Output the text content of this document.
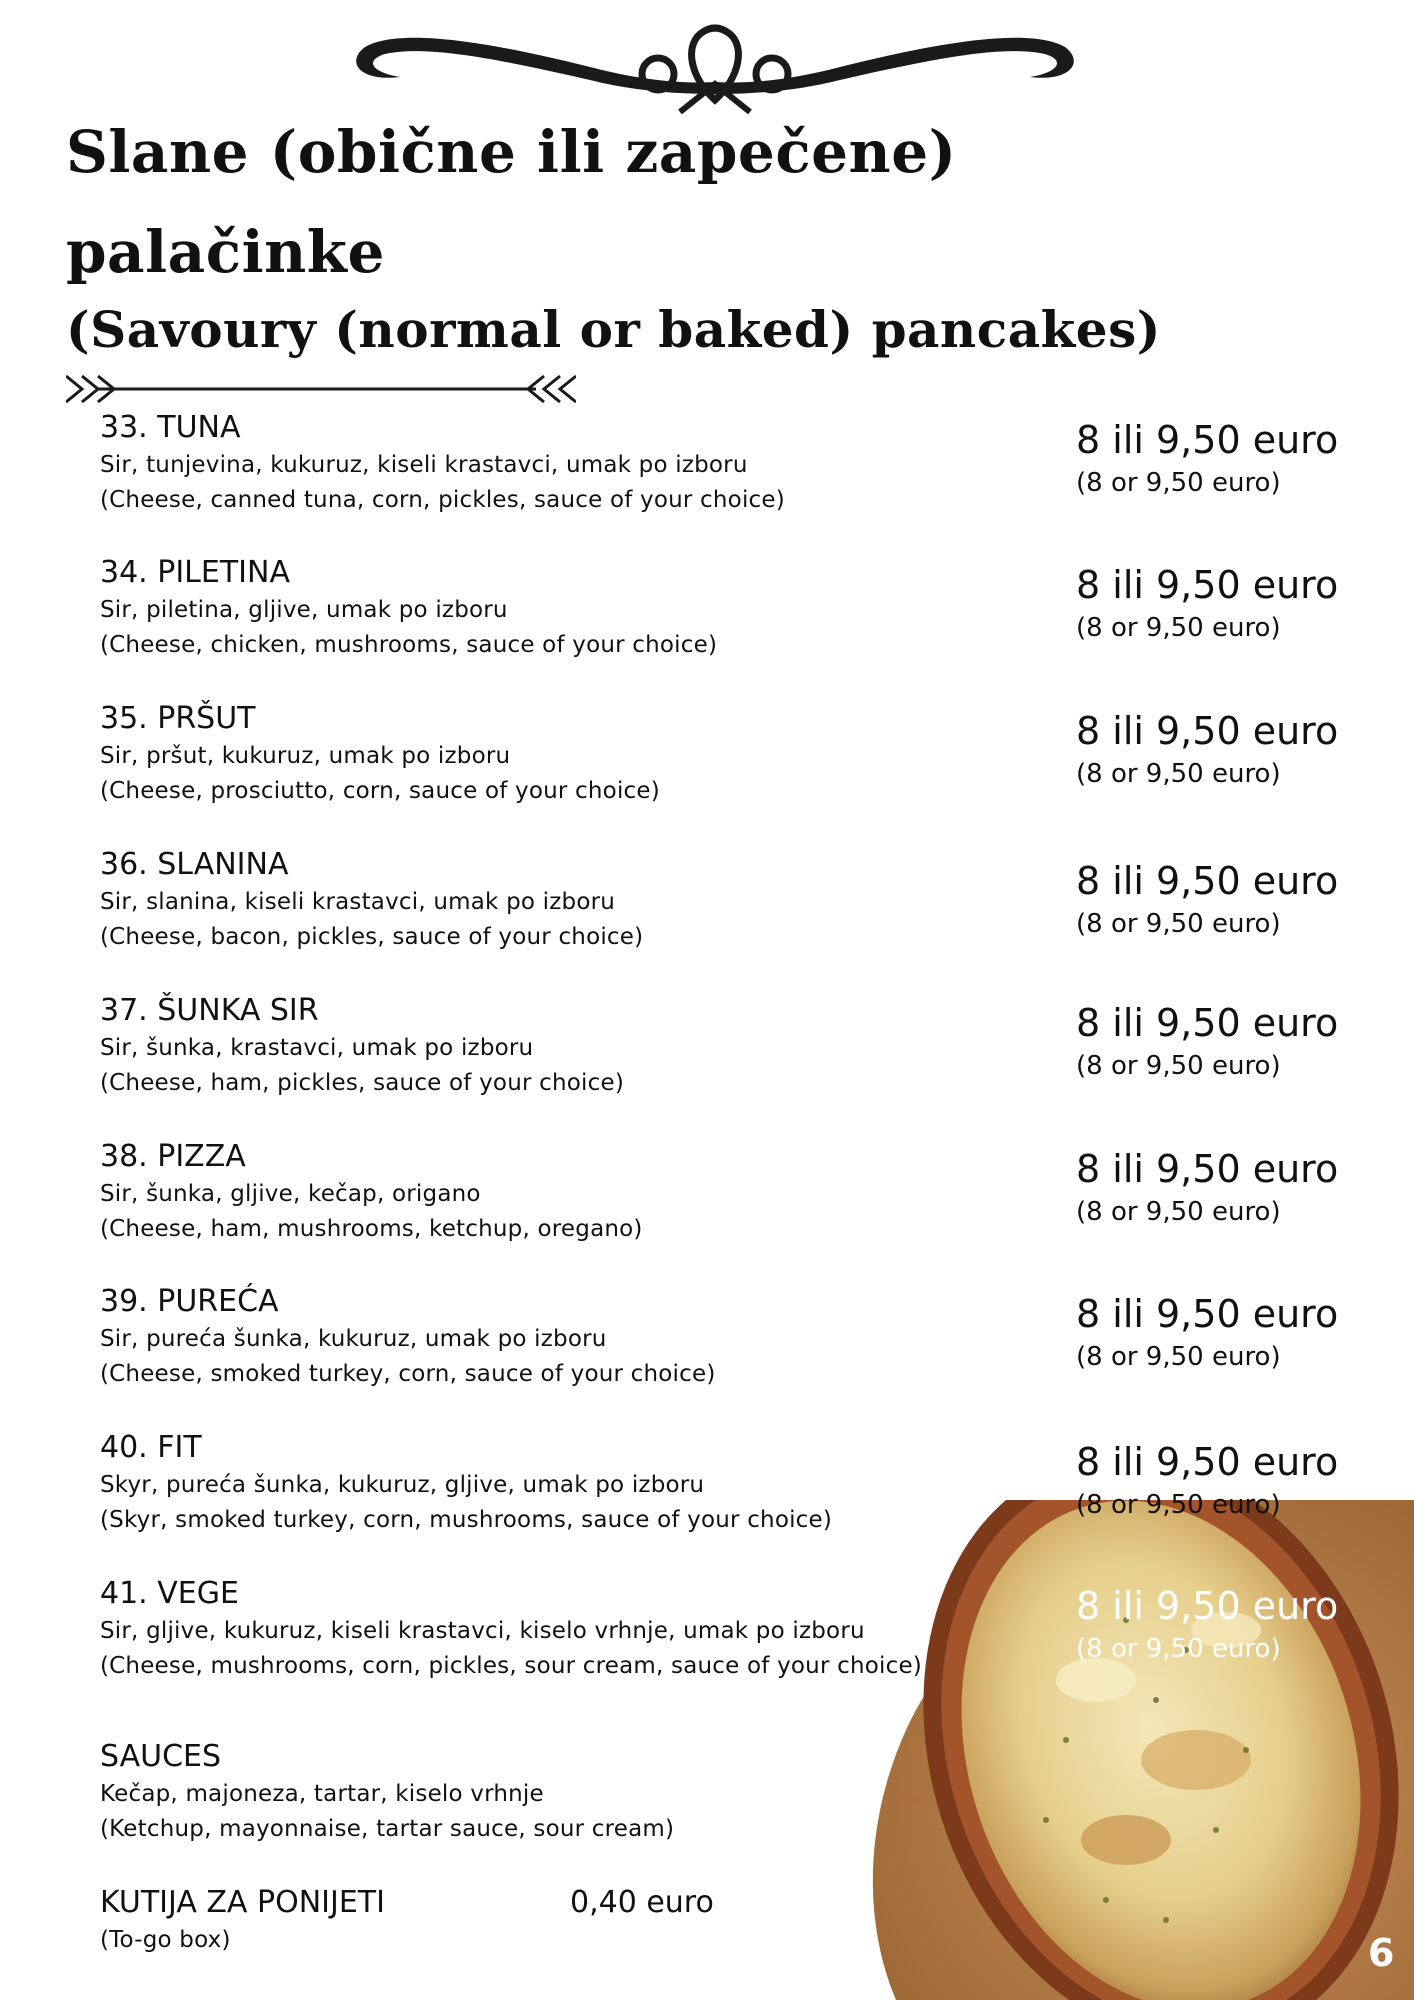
Slane (obične ili zapečene)
palačinke
(Savoury (normal or baked) pancakes)
33. TUNA
Sir, tunjevina, kukuruz, kiseli krastavci, umak po izboru
(Cheese, canned tuna, corn, pickles, sauce of your choice)
8 ili 9,50 euro
(8 or 9,50 euro)
34. PILETINA
Sir, piletina, gljive, umak po izboru
(Cheese, chicken, mushrooms, sauce of your choice)
8 ili 9,50 euro
(8 or 9,50 euro)
35. PRŠUT
Sir, pršut, kukuruz, umak po izboru
(Cheese, prosciutto, corn, sauce of your choice)
8 ili 9,50 euro
(8 or 9,50 euro)
36. SLANINA
Sir, slanina, kiseli krastavci, umak po izboru
(Cheese, bacon, pickles, sauce of your choice)
8 ili 9,50 euro
(8 or 9,50 euro)
37. ŠUNKA SIR
Sir, šunka, krastavci, umak po izboru
(Cheese, ham, pickles, sauce of your choice)
8 ili 9,50 euro
(8 or 9,50 euro)
38. PIZZA
Sir, šunka, gljive, kečap, origano
(Cheese, ham, mushrooms, ketchup, oregano)
8 ili 9,50 euro
(8 or 9,50 euro)
39. PUREĆA
Sir, pureća šunka, kukuruz, umak po izboru
(Cheese, smoked turkey, corn, sauce of your choice)
8 ili 9,50 euro
(8 or 9,50 euro)
40. FIT
Skyr, pureća šunka, kukuruz, gljive, umak po izboru
(Skyr, smoked turkey, corn, mushrooms, sauce of your choice)
8 ili 9,50 euro
(8 or 9,50 euro)
41. VEGE
Sir, gljive, kukuruz, kiseli krastavci, kiselo vrhnje, umak po izboru
(Cheese, mushrooms, corn, pickles, sour cream, sauce of your choice)
8 ili 9,50 euro
(8 or 9,50 euro)
SAUCES
Kečap, majoneza, tartar, kiselo vrhnje
(Ketchup, mayonnaise, tartar sauce, sour cream)
KUTIJA ZA PONIJETI	0,40 euro
(To-go box)	6
